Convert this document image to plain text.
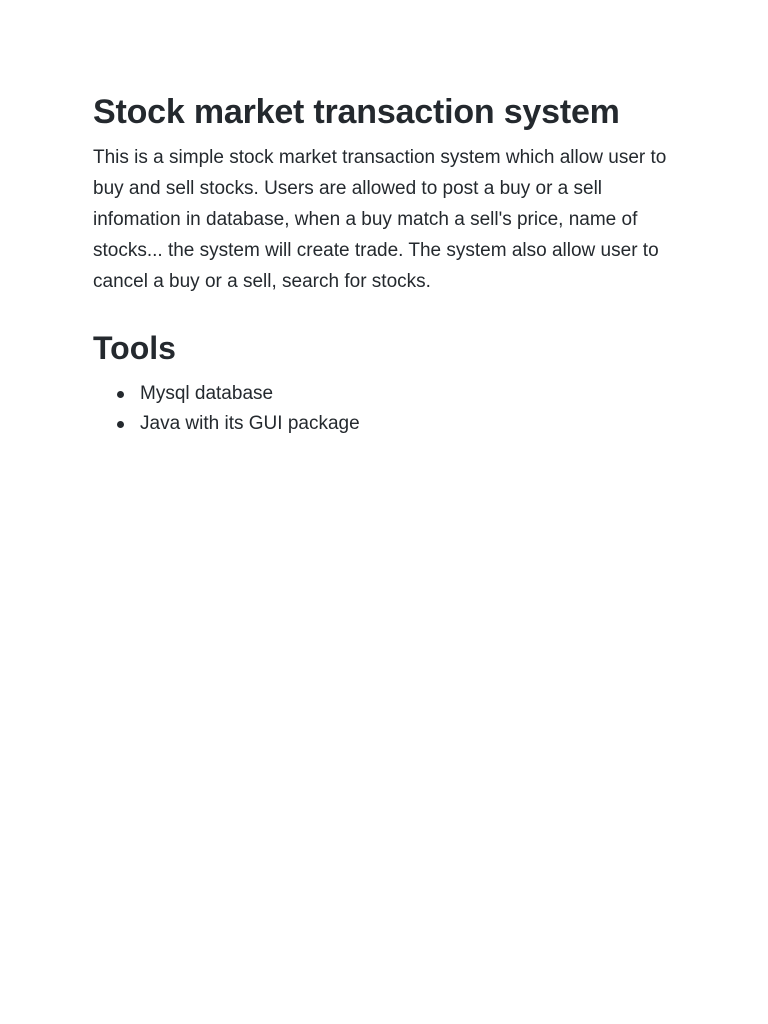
Stock market transaction system

This is a simple stock market transaction system which allow user to buy and sell stocks. Users are allowed to post a buy or a sell infomation in database, when a buy match a sell's price, name of stocks... the system will create trade. The system also allow user to cancel a buy or a sell, search for stocks.

Tools
Mysql database
Java with its GUI package
